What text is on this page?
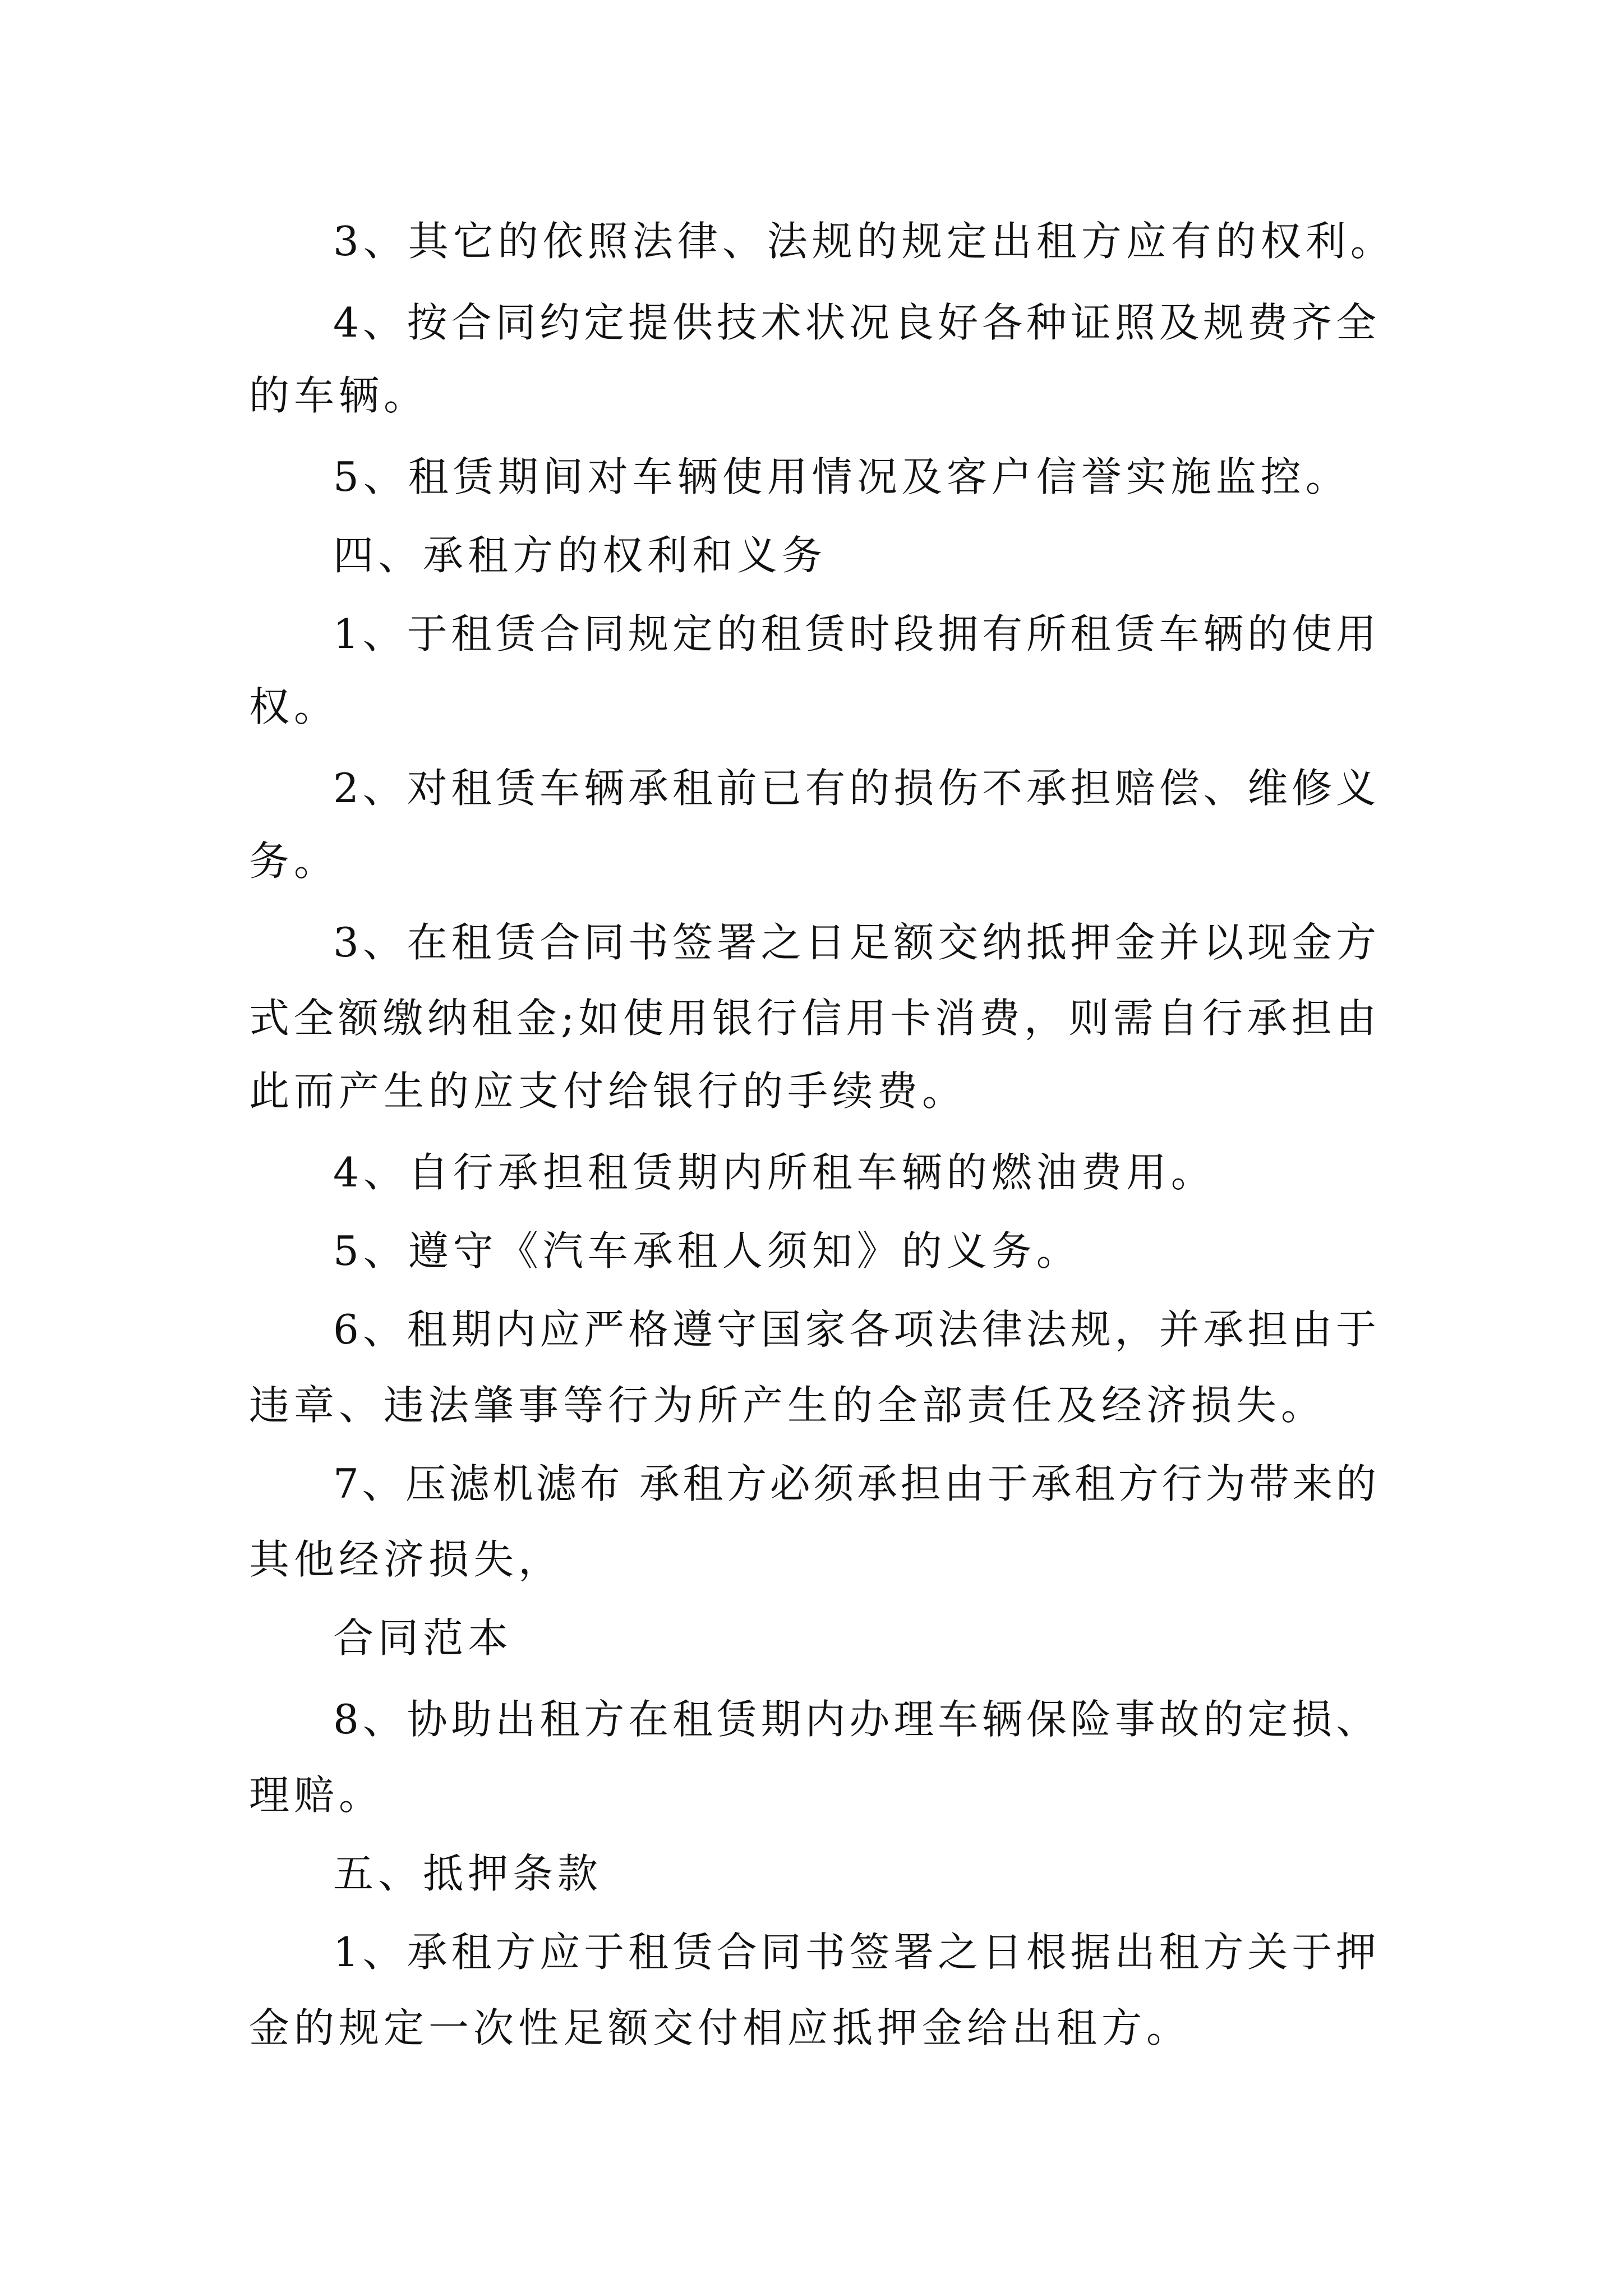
3、其它的依照法律、法规的规定出租方应有的权利。
4、按合同约定提供技术状况良好各种证照及规费齐全
的车辆。
5、租赁期间对车辆使用情况及客户信誉实施监控。
四、承租方的权利和义务
1、于租赁合同规定的租赁时段拥有所租赁车辆的使用
权。
2、对租赁车辆承租前已有的损伤不承担赔偿、维修义
务。
3、在租赁合同书签署之日足额交纳抵押金并以现金方
式全额缴纳租金;如使用银行信用卡消费，则需自行承担由
此而产生的应支付给银行的手续费。
4、自行承担租赁期内所租车辆的燃油费用。
5、遵守《汽车承租人须知》的义务。
6、租期内应严格遵守国家各项法律法规，并承担由于
违章、违法肇事等行为所产生的全部责任及经济损失。
7、压滤机滤布 承租方必须承担由于承租方行为带来的
其他经济损失，
合同范本
8、协助出租方在租赁期内办理车辆保险事故的定损、
理赔。
五、抵押条款
1、承租方应于租赁合同书签署之日根据出租方关于押
金的规定一次性足额交付相应抵押金给出租方。
